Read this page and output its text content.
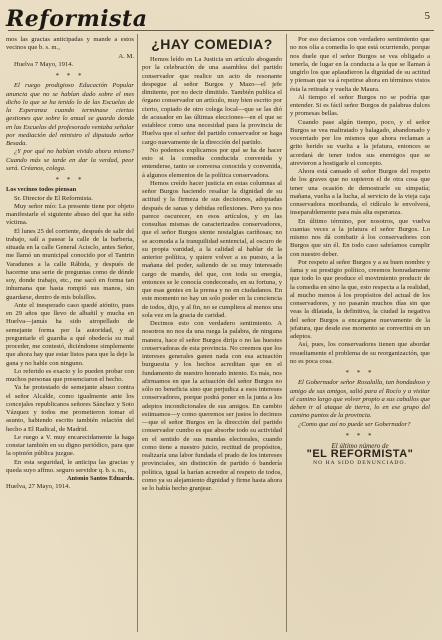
Reformista	5

mos las gracias anticipadas y mande a estos vecinos que b. s. m.,

A. M.

Huelva 7 Mayo, 1914.

* * *

El ruego prodigioso Educación Popular anuncia que no se habían dado sobre el mes dicho lo que se ha tenido lo de las Escuelas de la Esperanza cuando terminase ciertas gestiones que sobre lo anual se guardo donde en las Escuelas del profesorado ventaba señalar por mediación del ministro el diputado señor Besada.

¿Y por qué no habían vivido ahora mismo? Cuando más se tarde en dar la verdad, peor será. Créanos, colega.

* * *

Los vecinos todos piensan

Sr. Director de El Reformista.

Muy señor mío: La presente tiene por objeto manifestarle el siguiente abuso del que ha sido víctima.

El lunes 25 del corriente, después de salir del trabajo, salí a pasear la calle de la barbería, situada en la calle General Acisclo, antes Señor, me llamó un municipal conocido por el Tantrin Varadunes a la calle Rábida, y después de hacerme una serie de preguntas como de dónde soy, donde trabajo, etc., me sacó en forma tan inhumana que hasta rompió sus manos, sin guardarse, dentro de mis bolsillos.

Ante el inesperado caso quedé atónito, pues en 29 años que llevo de albañil y mucha en Huelva—jamás ha sido atropellado de semejante forma por la autoridad, y al preguntarle el guardia a qué obedecía su mal proceder, me contestó, diciéndome simplemente que ahora hay que estar listos para que la deje la gana y no hable con ninguno.

Lo referido es exacto y lo pueden probar con muchos personas que presenciaron el hecho.

Ya he protestado de semejante abuso contra el señor Alcalde, como igualmente ante los concejales republicanos señores Sánchez y Soto Vázquez y todos me prometieron tomar el asunto, habiendo escrito también relación del hecho a El Radical, de Madrid.

Le ruego a V. muy encarecidamente la haga constar también en su digno periódico, para que la opinión pública juzgue.

En esta seguridad, le anticipa las gracias y queda suyo affmo. seguro servidor q. b. s. m.,

Antonio Santos Eduardo.

Huelva, 27 Mayo, 1914.

¿HAY COMEDIA?

Hemos leído en La Justicia un artículo abogando por la celebración de una asamblea del partido conservador que realice un acto de resonante despegue al señor Burgos y Mazo—el jefe dimitente, por no decir dimitido. También publica el órgano conservador un artículo, muy bien escrito por cierto, copiado de otro colega local—que se las dió de acusador en las últimas elecciones—en el que se establece como una necesidad para la provincia de Huelva que el señor del partido conservador se haga cargo nuevamente de la dirección del partido.

No podemos explicarnos por qué se ha de hacer esto si la comedia conducida convenida y entenderse, tanto se conversa conocida y convenida, á algunos elementos de la política conservadora.

Hemos creído hacer justicia en estas columnas al señor Burgos haciendo resaltar la dignidad de su actitud y la firmeza de sus decisiones, adoptadas después de sanas y debidas reflexiones. Pero ya nos parece oscurecer, en esos artículos, y en las consultas mismas de caracterizados conservadores, que el señor Burgos siente nostalgias cariñosas; no se acomoda a la tranquilidad sentencial, al oscuro de su propia vanidad, a la calidad al hablar de la anterior política, y quiere volver a su puesto, a la mañana del poder, saliendo de su muy interesado cargo de mando, del que, con toda su energía, entonces se le conocía condecorado, en su fortuna, y que esas gentes en la prensa y no en ciudadanos. En este momento no hay un solo poder en la conciencia de todos, dijo, y al fin, no se cumpliera al menos una sola vez en la gracia de caridad.

Decimos esto con verdadero sentimiento. A nosotros no nos da una ruega la palabra, de ninguna manera, hace el señor Burgos dirija o no las huestes conservadoras de esta provincia. No creemos que los intereses generales ganen nada con esa actuación burguesita y los hechos acreditan que en el fundamento de nuestro honrado intento. Es más, nos afirmamos en que la actuación del señor Burgos no sólo no beneficia sino que perjudica a esos intereses conservadores, porque podrá poner en la junta a los adeptos incondicionales de sus amigos. En cambio estimamos—y como queremos ser justos lo decimos—que el señor Burgos en la dirección del partido conservador cumbo es que absorbe todo su actividad en el sentido de sus mandas electorales, cuando como tiene a nuestro juicio, rectitud de propósitos, realizaría una labor fundada el prado de los intereses provinciales, sin distinción de partido ó bandería política, igual la harían acreedor al respeto de todos, como ya su alejamiento dignidad y firme hasta ahora se lo había hecho granjear.

Por eso decíamos con verdadero sentimiento que no nos olía a comedia lo que está ocurriendo, porque nos duele que el señor Burgos se vea obligado a tenerla, de lugar en la conducta a la que se llaman á ungirlo los que aplaudieron la dignidad de su actitud y piensan que va á repetirse ahora en términos vistos ésta la retirada y vuelta de Maura.

Al tiempo el señor Burgos no se podría que entender. Si es fácil señor Burgos de palabras dulces y promesas bellas.

Cuando pase algún tiempo, poco, y el señor Burgos se vea maltratado y halagado, abandonado y vocerriado por los mismos que ahora reclaman a grito herido su vuelta a la jefatura, entonces se acordará de tener todos sus enemigos que se atrevieron a hostigarle el concepto.

Ahora está cansado el señor Burgos del respeto de los graves que no supieron el de otra cosa que tener una ocasión de demostrarle su simpatía; mañana, vuelta a la lucha, al servicio de la vieja caja conservadora moribunda, el ridículo le envolverá, inseparablemente para más alta esperanza.

En último término, por nosotros, que vuelva cuantas veces a la jefatura el señor Burgos. Lo mismo nos dá combatir á los conservadores con Burgos que sin él. En todo caso sabríamos cumplir con nuestro deber.

Por respeto al señor Burgos y a su buen nombre y fama y su prestigio político, creemos honradamente que todo lo que produce el movimiento producir de la comedia en sino la que, esto respecta a la realidad, al mucho menos á los propósitos del actual de los conservadores, y no pasarán muchos días sin que veas la dilatada, la definitiva, la ciudad la negativa del señor Burgos a encargarse nuevamente de la jefatura, que desde ese momento se convertirá en un adeptos.

Así, pues, los conservadores tienen que abordar resueltamente el problema de su reorganización, que no es poca cosa.

* * *

El Gobernador señor Rosalalla, tan bondadoso y amigo de sus amigos, salió para el Rocío y a visitar el camino largo que volver propio a sus caballos que deben ir al ataque de tierra, lo en ese grupo del camino puntos de la provincia.

¿Como que así no puede ser Gobernador?

* * *

El último número de

"EL REFORMISTA"

NO HA SIDO DENUNCIADO.
